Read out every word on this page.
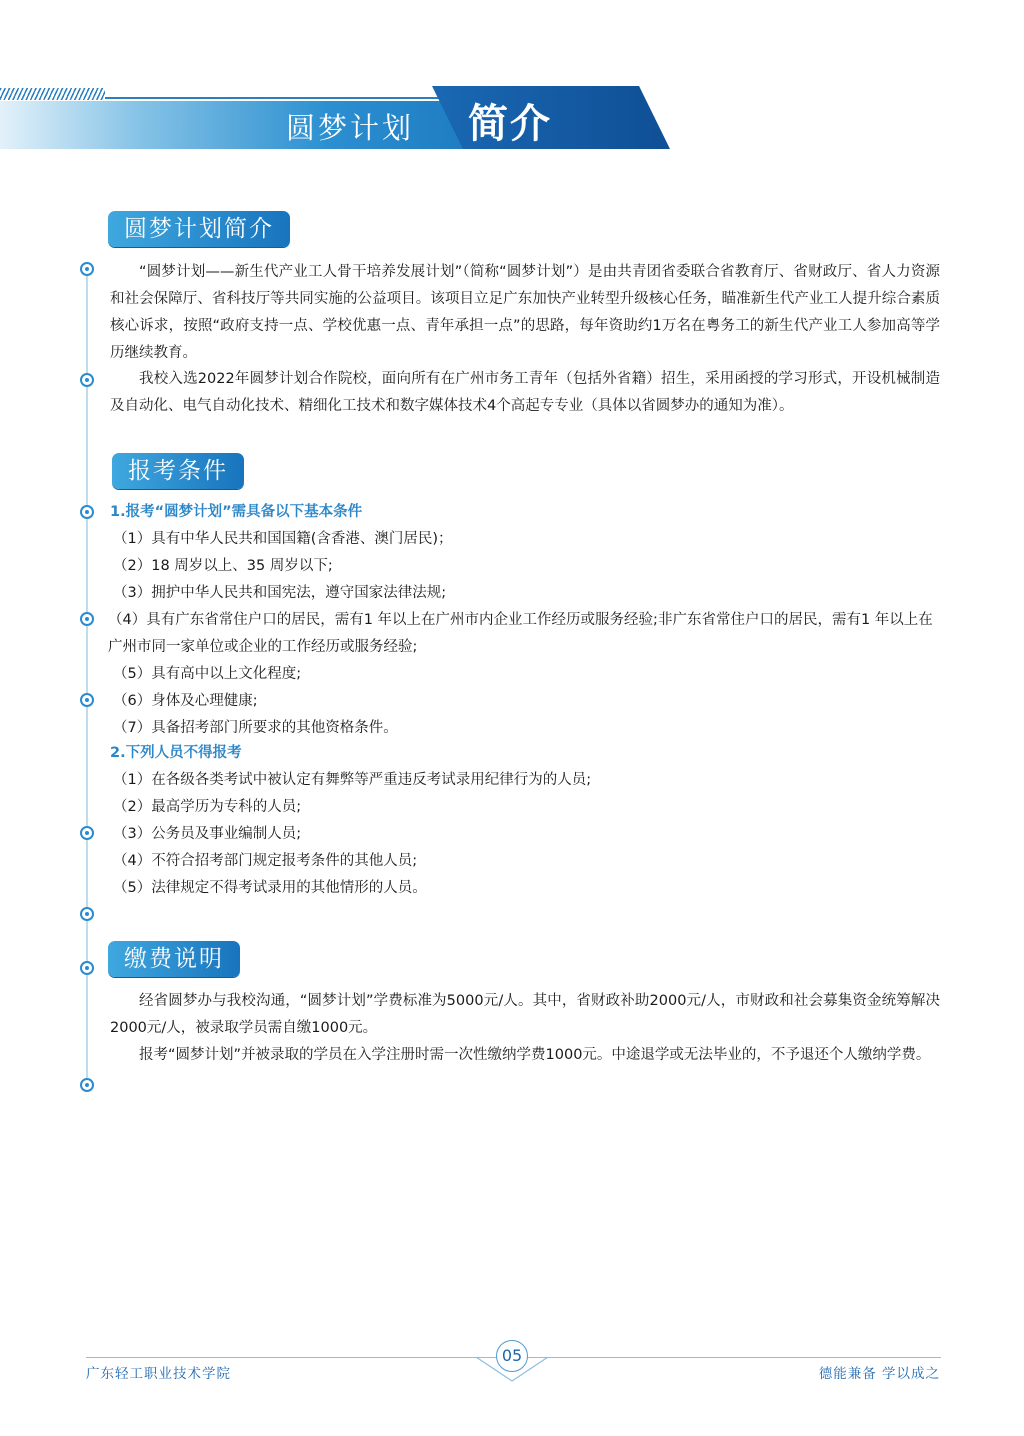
圆梦计划 简介
圆梦计划简介

“圆梦计划——新生代产业工人骨干培养发展计划”（简称“圆梦计划”）是由共青团省委联合省教育厅、省财政厅、省人力资源和社会保障厅、省科技厅等共同实施的公益项目。该项目立足广东加快产业转型升级核心任务，瞄准新生代产业工人提升综合素质核心诉求，按照“政府支持一点、学校优惠一点、青年承担一点”的思路，每年资助约1万名在粤务工的新生代产业工人参加高等学历继续教育。

我校入选2022年圆梦计划合作院校，面向所有在广州市务工青年（包括外省籍）招生，采用函授的学习形式，开设机械制造及自动化、电气自动化技术、精细化工技术和数字媒体技术4个高起专专业（具体以省圆梦办的通知为准）。

报考条件

1.报考“圆梦计划”需具备以下基本条件

（1）具有中华人民共和国国籍(含香港、澳门居民)；
（2）18 周岁以上、35 周岁以下;
（3）拥护中华人民共和国宪法，遵守国家法律法规;
（4）具有广东省常住户口的居民，需有1 年以上在广州市内企业工作经历或服务经验;非广东省常住户口的居民，需有1 年以上在广州市同一家单位或企业的工作经历或服务经验;
（5）具有高中以上文化程度;
（6）身体及心理健康;
（7）具备招考部门所要求的其他资格条件。

2.下列人员不得报考

（1）在各级各类考试中被认定有舞弊等严重违反考试录用纪律行为的人员;
（2）最高学历为专科的人员;
（3）公务员及事业编制人员;
（4）不符合招考部门规定报考条件的其他人员;
（5）法律规定不得考试录用的其他情形的人员。
缴费说明

经省圆梦办与我校沟通，“圆梦计划”学费标准为5000元/人。其中，省财政补助2000元/人，市财政和社会募集资金统筹解决2000元/人，被录取学员需自缴1000元。

报考“圆梦计划”并被录取的学员在入学注册时需一次性缴纳学费1000元。中途退学或无法毕业的，不予退还个人缴纳学费。

05
广东轻工职业技术学院	德能兼备 学以成之
